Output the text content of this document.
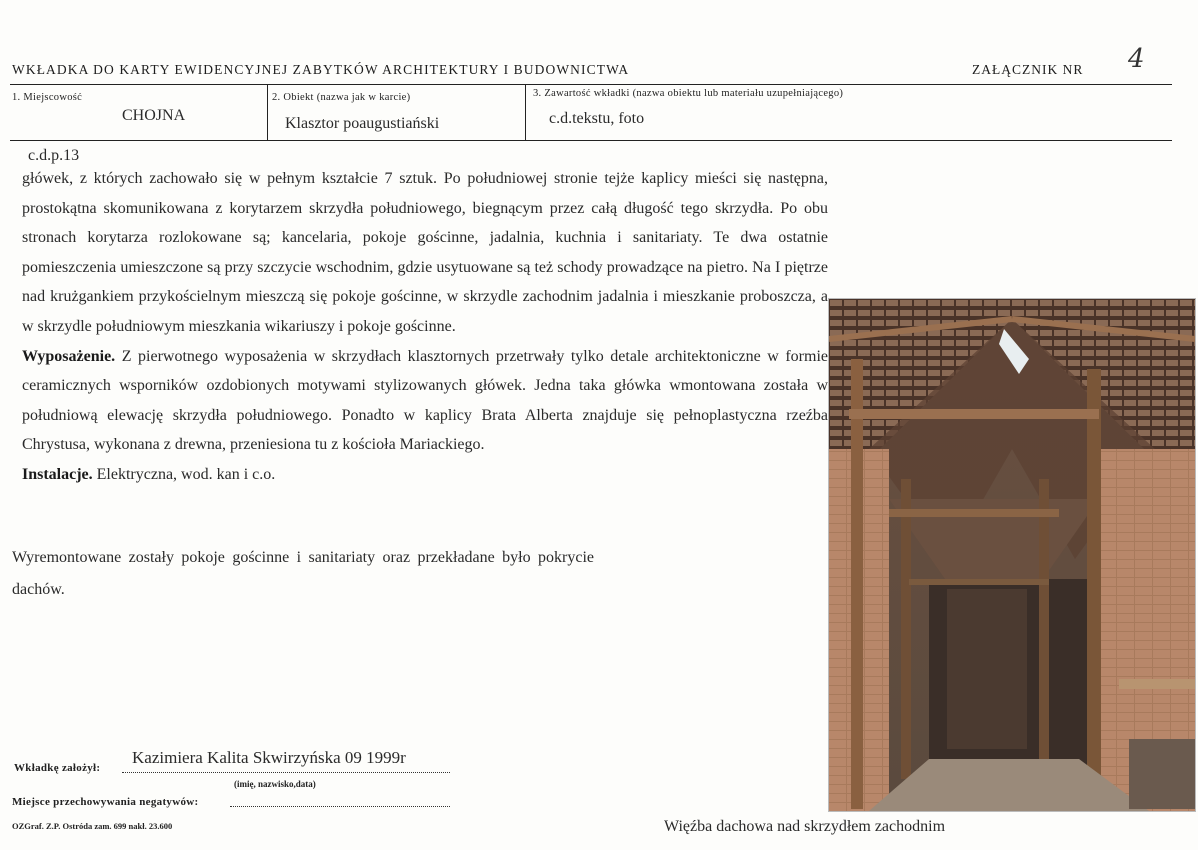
WKŁADKA DO KARTY EWIDENCYJNEJ ZABYTKÓW ARCHITEKTURY I BUDOWNICTWA	ZAŁĄCZNIK NR 4
1. Miejscowość
CHOJNA
2. Obiekt (nazwa jak w karcie)
Klasztor poaugustiański
3. Zawartość wkładki (nazwa obiektu lub materiału uzupełniającego)
c.d.tekstu, foto
c.d.p.13

główek, z których zachowało się w pełnym kształcie 7 sztuk. Po południowej stronie tejże kaplicy mieści się następna, prostokątna skomunikowana z korytarzem skrzydła południowego, biegnącym przez całą długość tego skrzydła. Po obu stronach korytarza rozlokowane są; kancelaria, pokoje gościnne, jadalnia, kuchnia i sanitariaty. Te dwa ostatnie pomieszczenia umieszczone są przy szczycie wschodnim, gdzie usytuowane są też schody prowadzące na pietro. Na I piętrze nad krużgankiem przykościelnym mieszczą się pokoje gościnne, w skrzydle zachodnim jadalnia i mieszkanie proboszcza, a w skrzydle południowym mieszkania wikariuszy i pokoje gościnne.

Wyposażenie. Z pierwotnego wyposażenia w skrzydłach klasztornych przetrwały tylko detale architektoniczne w formie ceramicznych wsporników ozdobionych motywami stylizowanych główek. Jedna taka główka wmontowana została w południową elewację skrzydła południowego. Ponadto w kaplicy Brata Alberta znajduje się pełnoplastyczna rzeźba Chrystusa, wykonana z drewna, przeniesiona tu z kościoła Mariackiego.

Instalacje. Elektryczna, wod. kan i c.o.

Wyremontowane zostały pokoje gościnne i sanitariaty oraz przekładane było pokrycie dachów.
Więźba dachowa nad skrzydłem zachodnim
Wkładkę założył:
Kazimiera Kalita Skwirzyńska 09 1999r
(imię, nazwisko,data)
Miejsce przechowywania negatywów:
OZGraf. Z.P. Ostróda zam. 699 nakł. 23.600
